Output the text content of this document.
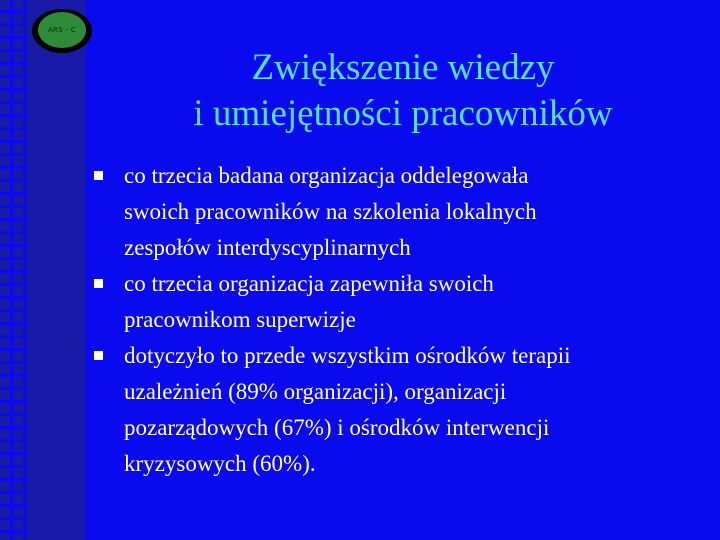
ARS - C
Zwiększenie wiedzy
i umiejętności pracowników
co trzecia badana organizacja oddelegowała
swoich pracowników na szkolenia lokalnych
zespołów interdyscyplinarnych
co trzecia organizacja zapewniła swoich
pracownikom superwizje
dotyczyło to przede wszystkim ośrodków terapii
uzależnień (89% organizacji), organizacji
pozarządowych (67%) i ośrodków interwencji
kryzysowych (60%).
